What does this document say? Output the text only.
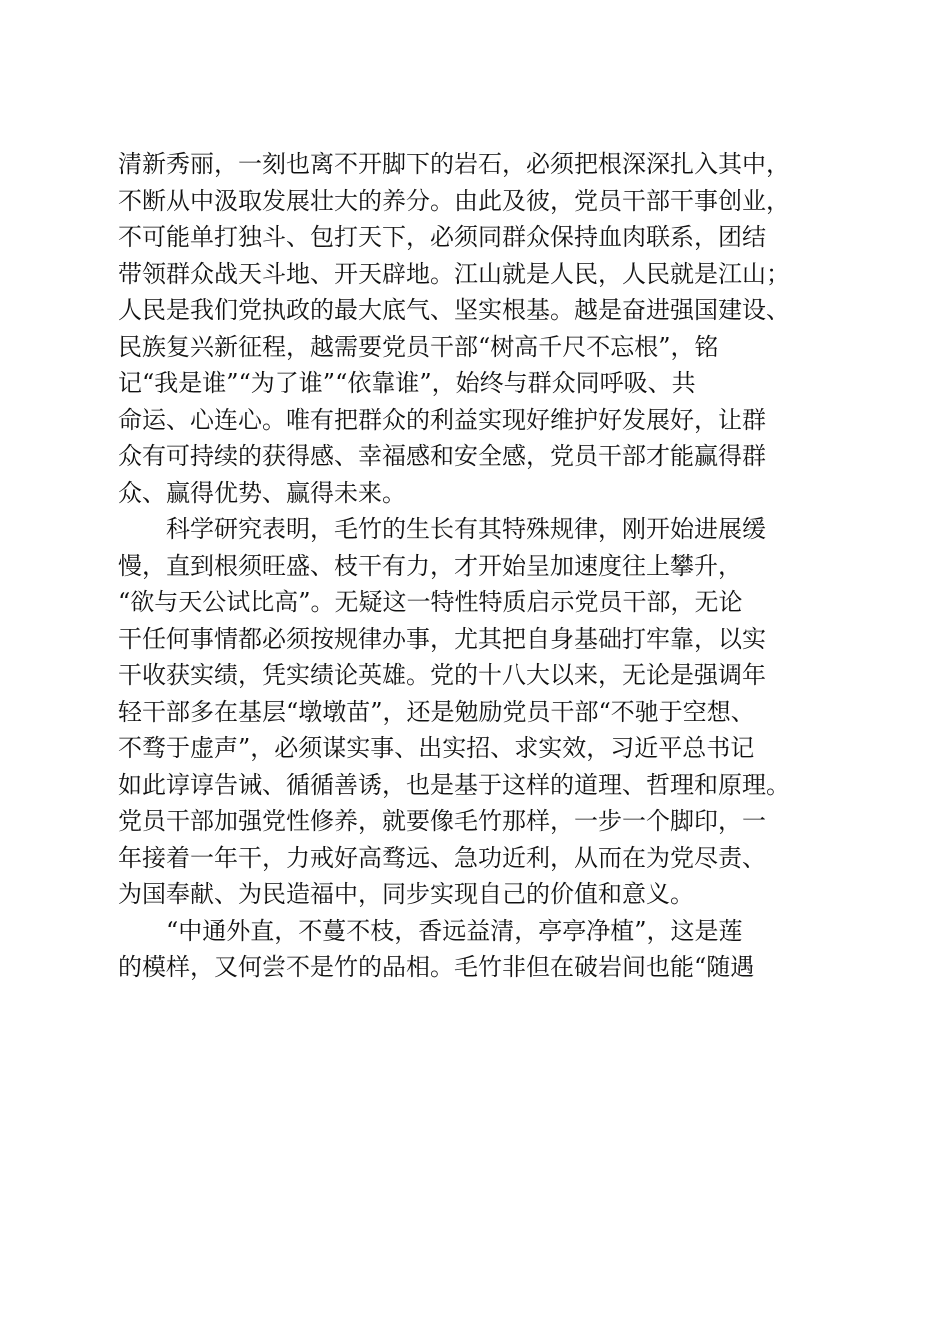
清新秀丽，一刻也离不开脚下的岩石，必须把根深深扎入其中，
不断从中汲取发展壮大的养分。由此及彼，党员干部干事创业，
不可能单打独斗、包打天下，必须同群众保持血肉联系，团结
带领群众战天斗地、开天辟地。江山就是人民，人民就是江山；
人民是我们党执政的最大底气、坚实根基。越是奋进强国建设、
民族复兴新征程，越需要党员干部“树高千尺不忘根”，铭
记“我是谁”“为了谁”“依靠谁”，始终与群众同呼吸、共
命运、心连心。唯有把群众的利益实现好维护好发展好，让群
众有可持续的获得感、幸福感和安全感，党员干部才能赢得群
众、赢得优势、赢得未来。
　　科学研究表明，毛竹的生长有其特殊规律，刚开始进展缓
慢，直到根须旺盛、枝干有力，才开始呈加速度往上攀升，
“欲与天公试比高”。无疑这一特性特质启示党员干部，无论
干任何事情都必须按规律办事，尤其把自身基础打牢靠，以实
干收获实绩，凭实绩论英雄。党的十八大以来，无论是强调年
轻干部多在基层“墩墩苗”，还是勉励党员干部“不驰于空想、
不骛于虚声”，必须谋实事、出实招、求实效，习近平总书记
如此谆谆告诫、循循善诱，也是基于这样的道理、哲理和原理。
党员干部加强党性修养，就要像毛竹那样，一步一个脚印，一
年接着一年干，力戒好高骛远、急功近利，从而在为党尽责、
为国奉献、为民造福中，同步实现自己的价值和意义。
　　“中通外直，不蔓不枝，香远益清，亭亭净植”，这是莲
的模样，又何尝不是竹的品相。毛竹非但在破岩间也能“随遇
